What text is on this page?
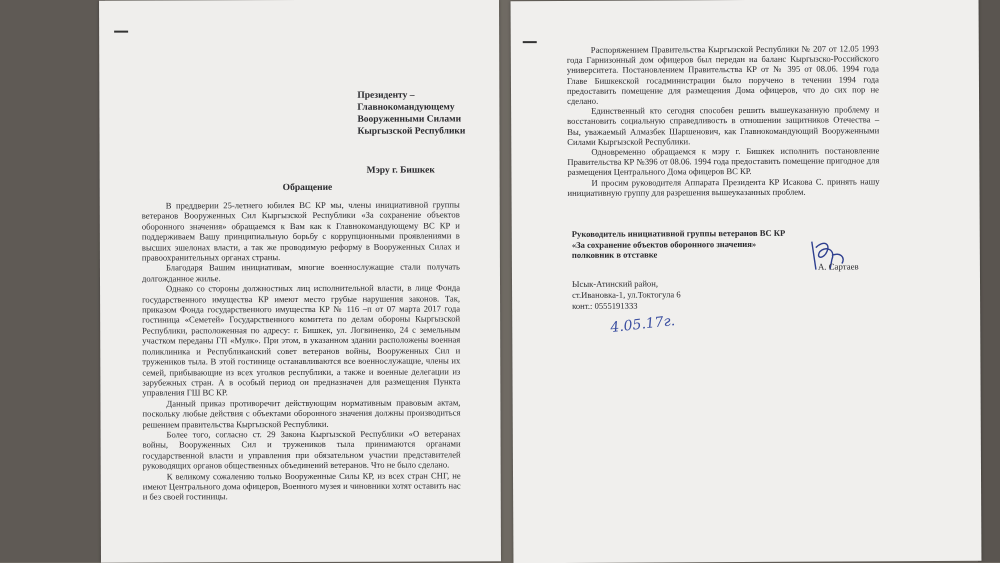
Президенту –
Главнокомандующему
Вооруженными Силами
Кыргызской Республики
Мэру г. Бишкек
Обращение

В преддверии 25-летнего юбилея ВС КР мы, члены инициативной группы ветеранов Вооруженных Сил Кыргызской Республики «За сохранение объектов оборонного значения» обращаемся к Вам как к Главнокомандующему ВС КР и поддерживаем Вашу принципиальную борьбу с коррупционными проявлениями в высших эшелонах власти, а так же проводимую реформу в Вооруженных Силах и правоохранительных органах страны.

Благодаря Вашим инициативам, многие военнослужащие стали получать долгожданное жилье.

Однако со стороны должностных лиц исполнительной власти, в лице Фонда государственного имущества КР имеют место грубые нарушения законов. Так, приказом Фонда государственного имущества КР № 116 –п от 07 марта 2017 года гостиница «Семетей» Государственного комитета по делам обороны Кыргызской Республики, расположенная по адресу: г. Бишкек, ул. Логвиненко, 24 с земельным участком переданы ГП «Мулк». При этом, в указанном здании расположены военная поликлиника и Республиканский совет ветеранов войны, Вооруженных Сил и тружеников тыла. В этой гостинице останавливаются все военнослужащие, члены их семей, прибывающие из всех уголков республики, а также и военные делегации из зарубежных стран. А в особый период он предназначен для размещения Пункта управления ГШ ВС КР.

Данный приказ противоречит действующим нормативным правовым актам, поскольку любые действия с объектами оборонного значения должны производиться решением правительства Кыргызской Республики.

Более того, согласно ст. 29 Закона Кыргызской Республики «О ветеранах войны, Вооруженных Сил и тружеников тыла принимаются органами государственной власти и управления при обязательном участии представителей руководящих органов общественных объединений ветеранов. Что не было сделано.

К великому сожалению только Вооруженные Силы КР, из всех стран СНГ, не имеют Центрального дома офицеров, Военного музея и чиновники хотят оставить нас и без своей гостиницы.

Распоряжением Правительства Кыргызской Республики № 207 от 12.05 1993 года Гарнизонный дом офицеров был передан на баланс Кыргызско-Российского университета. Постановлением Правительства КР от № 395 от 08.06. 1994 года Главе Бишкекской госадминистрации было поручено в течении 1994 года предоставить помещение для размещения Дома офицеров, что до сих пор не сделано.

Единственный кто сегодня способен решить вышеуказанную проблему и восстановить социальную справедливость в отношении защитников Отечества – Вы, уважаемый Алмазбек Шаршенович, как Главнокомандующий Вооруженными Силами Кыргызской Республики.

Одновременно обращаемся к мэру г. Бишкек исполнить постановление Правительства КР №396 от 08.06. 1994 года предоставить помещение пригодное для размещения Центрального Дома офицеров ВС КР.

И просим руководителя Аппарата Президента КР Исакова С. принять нашу инициативную группу для разрешения вышеуказанных проблем.

Руководитель инициативной группы ветеранов ВС КР
«За сохранение объектов оборонного значения»
полковник в отставке
А. Сартаев
Ысык-Атинский район,
ст.Ивановка-1, ул.Токтогула 6
конт.: 0555191333
4.05.17г.
